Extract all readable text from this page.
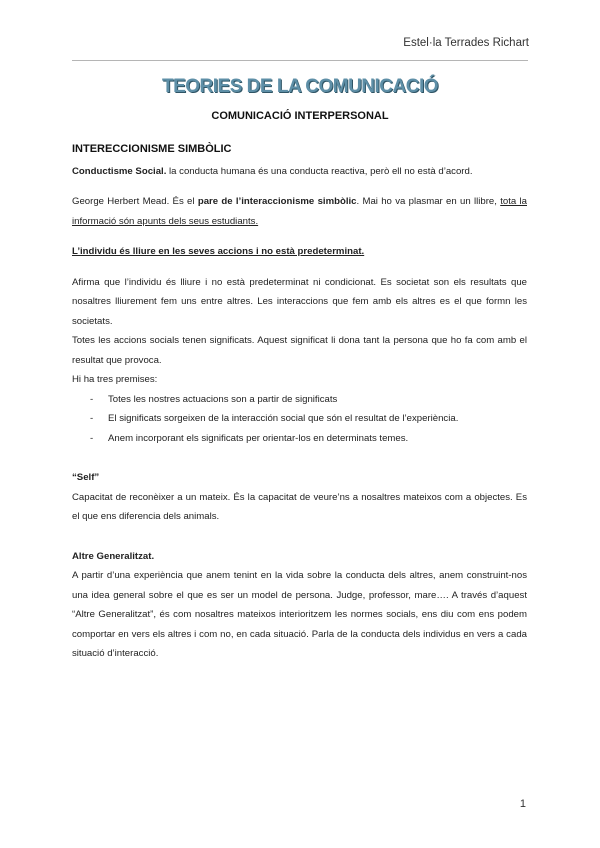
Estel·la Terrades Richart
TEORIES DE LA COMUNICACIÓ
COMUNICACIÓ INTERPERSONAL
INTERECCIONISME SIMBÒLIC

Conductisme Social. la conducta humana és una conducta reactiva, però ell no està d’acord.

George Herbert Mead. És el pare de l’interaccionisme simbòlic. Mai ho va plasmar en un llibre, tota la informació són apunts dels seus estudiants.

L’individu és lliure en les seves accions i no està predeterminat.

Afirma que l’individu és lliure i no està predeterminat ni condicionat. Es societat son els resultats que nosaltres lliurement fem uns entre altres. Les interaccions que fem amb els altres es el que formn les societats.

Totes les accions socials tenen significats. Aquest significat li dona tant la persona que ho fa com amb el resultat que provoca.

Hi ha tres premises:

- Totes les nostres actuacions son a partir de significats
- El significats sorgeixen de la interacción social que són el resultat de l’experiència.
- Anem incorporant els significats per orientar-los en determinats temes.

“Self”

Capacitat de reconèixer a un mateix. És la capacitat de veure’ns a nosaltres mateixos com a objectes. Es el que ens diferencia dels animals.

Altre Generalitzat.

A partir d’una experiència que anem tenint en la vida sobre la conducta dels altres, anem construint-nos una idea general sobre el que es ser un model de persona. Judge, professor, mare…. A través d’aquest “Altre Generalitzat”, és com nosaltres mateixos interioritzem les normes socials, ens diu com ens podem comportar en vers els altres i com no, en cada situació. Parla de la conducta dels individus en vers a cada situació d’interacció.

1
